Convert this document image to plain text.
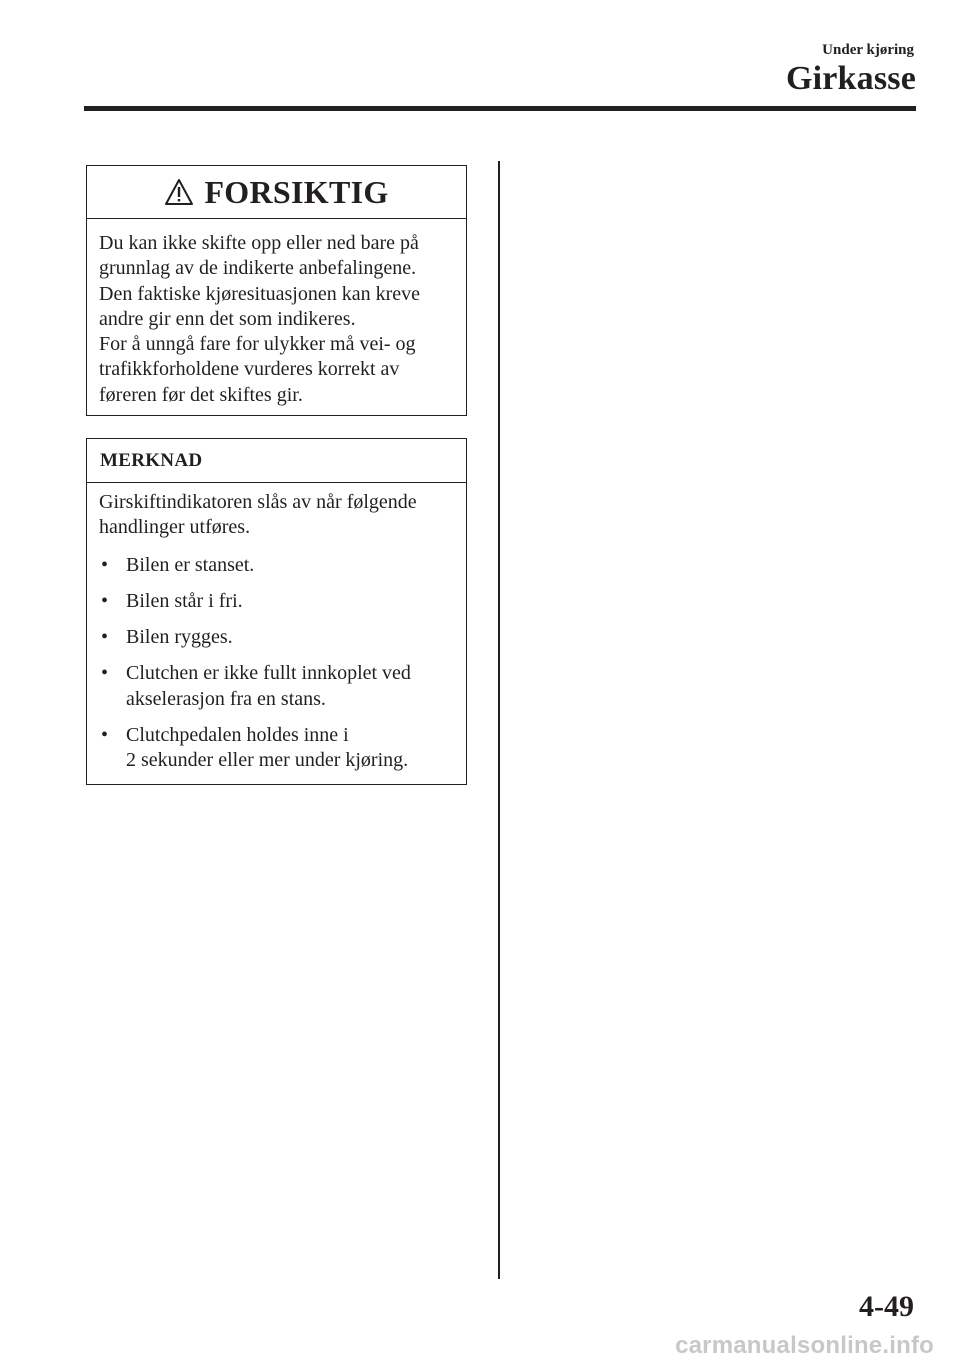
Under kjøring
Girkasse
FORSIKTIG

Du kan ikke skifte opp eller ned bare på

grunnlag av de indikerte anbefalingene.

Den faktiske kjøresituasjonen kan kreve

andre gir enn det som indikeres.

For å unngå fare for ulykker må vei- og

trafikkforholdene vurderes korrekt av

føreren før det skiftes gir.

MERKNAD

Girskiftindikatoren slås av når følgende
handlinger utføres.

• Bilen er stanset.
• Bilen står i fri.
• Bilen rygges.
• Clutchen er ikke fullt innkoplet ved
akselerasjon fra en stans.
• Clutchpedalen holdes inne i
2 sekunder eller mer under kjøring.
4-49
carmanualsonline.info
